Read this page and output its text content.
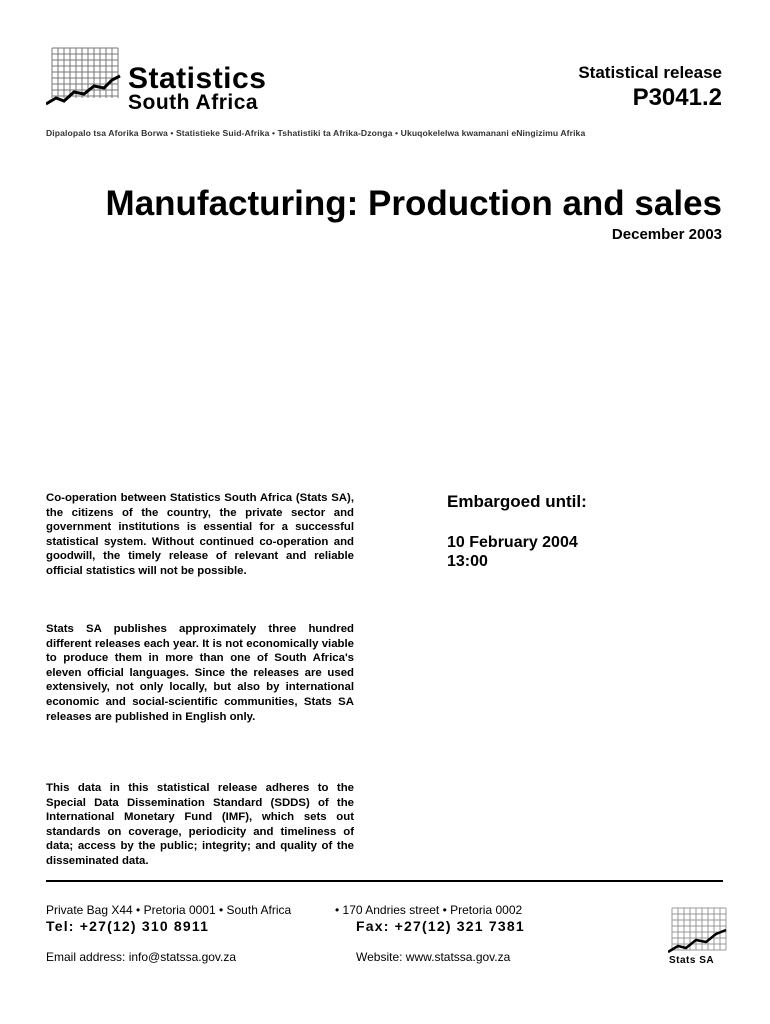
Statistics
South Africa
Statistical release
P3041.2
Dipalopalo tsa Aforika Borwa • Statistieke Suid-Afrika • Tshatistiki ta Afrika-Dzonga • Ukuqokelelwa kwamanani eNingizimu Afrika
Manufacturing: Production and sales
December 2003
Co-operation between Statistics South Africa (Stats SA), the citizens of the country, the private sector and government institutions is essential for a successful statistical system. Without continued co-operation and goodwill, the timely release of relevant and reliable official statistics will not be possible.
Stats SA publishes approximately three hundred different releases each year. It is not economically viable to produce them in more than one of South Africa's eleven official languages. Since the releases are used extensively, not only locally, but also by international economic and social-scientific communities, Stats SA releases are published in English only.
This data in this statistical release adheres to the Special Data Dissemination Standard (SDDS) of the International Monetary Fund (IMF), which sets out standards on coverage, periodicity and timeliness of data; access by the public; integrity; and quality of the disseminated data.
Embargoed until:
10 February 2004
13:00
Private Bag X44 • Pretoria 0001 • South Africa	• 170 Andries street • Pretoria 0002
Tel: +27(12) 310 8911	Fax: +27(12) 321 7381
Email address: info@statssa.gov.za	Website: www.statssa.gov.za	Stats SA
